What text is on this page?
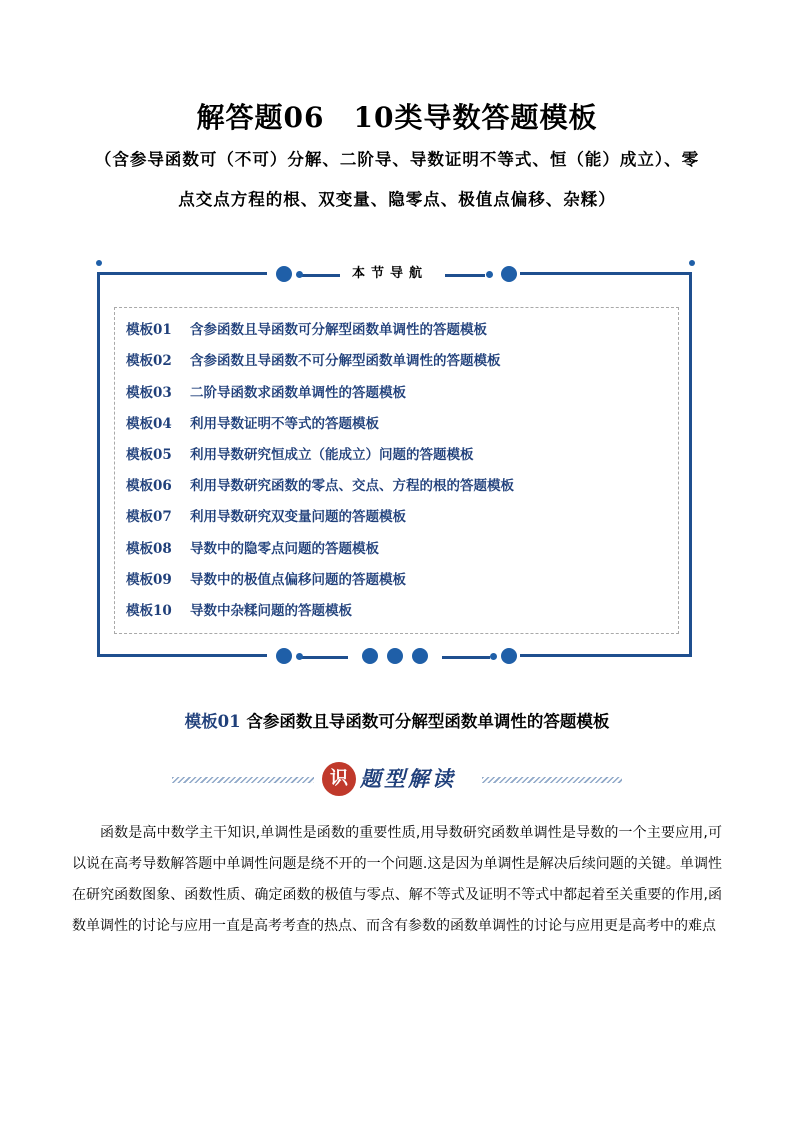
解答题06　10类导数答题模板
（含参导函数可（不可）分解、二阶导、导数证明不等式、恒（能）成立）、零
点交点方程的根、双变量、隐零点、极值点偏移、杂糅）
本节导航
模板01 含参函数且导函数可分解型函数单调性的答题模板
模板02 含参函数且导函数不可分解型函数单调性的答题模板
模板03 二阶导函数求函数单调性的答题模板
模板04 利用导数证明不等式的答题模板
模板05 利用导数研究恒成立（能成立）问题的答题模板
模板06 利用导数研究函数的零点、交点、方程的根的答题模板
模板07 利用导数研究双变量问题的答题模板
模板08 导数中的隐零点问题的答题模板
模板09 导数中的极值点偏移问题的答题模板
模板10 导数中杂糅问题的答题模板
模板01 含参函数且导函数可分解型函数单调性的答题模板
识 题型解读
函数是高中数学主干知识,单调性是函数的重要性质,用导数研究函数单调性是导数的一个主要应用,可以说在高考导数解答题中单调性问题是绕不开的一个问题.这是因为单调性是解决后续问题的关键。单调性在研究函数图象、函数性质、确定函数的极值与零点、解不等式及证明不等式中都起着至关重要的作用,函数单调性的讨论与应用一直是高考考查的热点、而含有参数的函数单调性的讨论与应用更是高考中的难点
